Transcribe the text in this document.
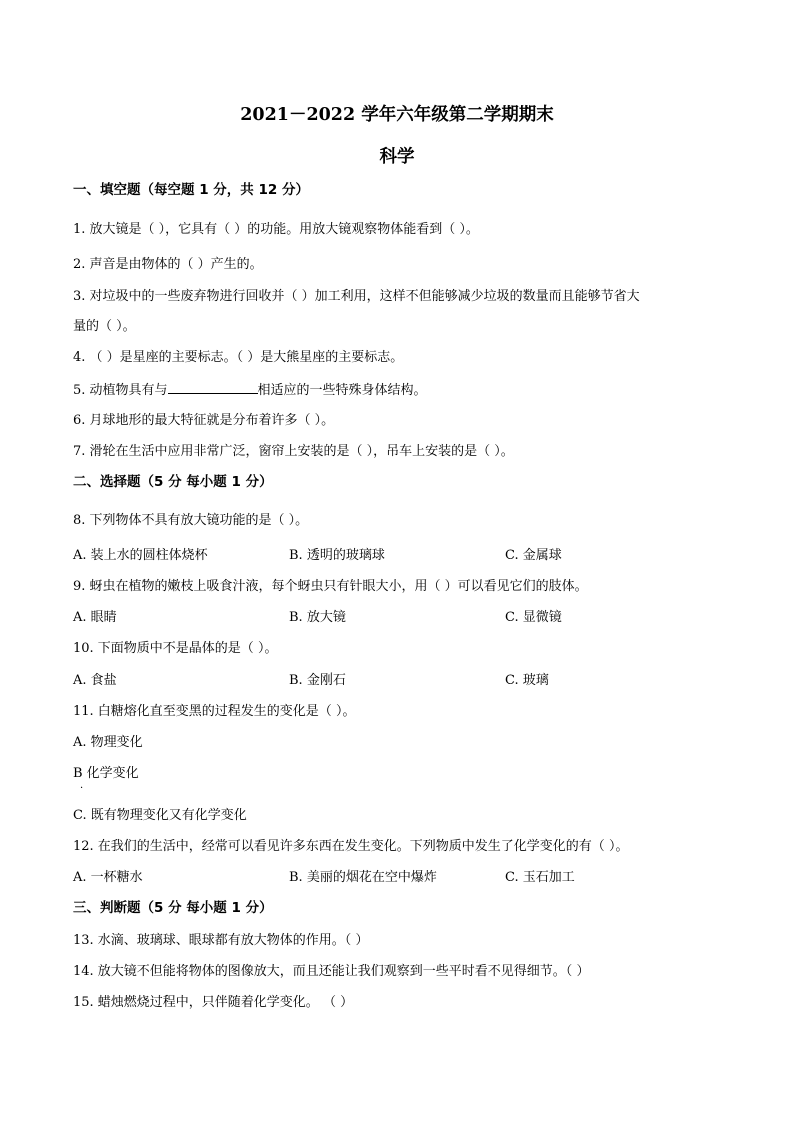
2021－2022 学年六年级第二学期期末
科学
一、填空题（每空题 1 分，共 12 分）
1. 放大镜是（ ），它具有（ ）的功能。用放大镜观察物体能看到（ ）。
2. 声音是由物体的（ ）产生的。
3. 对垃圾中的一些废弃物进行回收并（ ）加工利用，这样不但能够减少垃圾的数量而且能够节省大
量的（ ）。
4. （ ）是星座的主要标志。（ ）是大熊星座的主要标志。
5. 动植物具有与	相适应的一些特殊身体结构。
6. 月球地形的最大特征就是分布着许多（ ）。
7. 滑轮在生活中应用非常广泛，窗帘上安装的是（ ），吊车上安装的是（ ）。
二、选择题（5 分 每小题 1 分）
8. 下列物体不具有放大镜功能的是（ ）。
A. 装上水的圆柱体烧杯	B. 透明的玻璃球	C. 金属球
9. 蚜虫在植物的嫩枝上吸食汁液，每个蚜虫只有针眼大小，用（ ）可以看见它们的肢体。
A. 眼睛	B. 放大镜	C. 显微镜
10. 下面物质中不是晶体的是（ ）。
A. 食盐	B. 金刚石	C. 玻璃
11. 白糖熔化直至变黑的过程发生的变化是（ ）。
A. 物理变化
B 化学变化
·
C. 既有物理变化又有化学变化
12. 在我们的生活中，经常可以看见许多东西在发生变化。下列物质中发生了化学变化的有（ ）。
A. 一杯糖水	B. 美丽的烟花在空中爆炸	C. 玉石加工
三、判断题（5 分 每小题 1 分）
13. 水滴、玻璃球、眼球都有放大物体的作用。（ ）
14. 放大镜不但能将物体的图像放大，而且还能让我们观察到一些平时看不见得细节。（ ）
15. 蜡烛燃烧过程中，只伴随着化学变化。 （ ）
